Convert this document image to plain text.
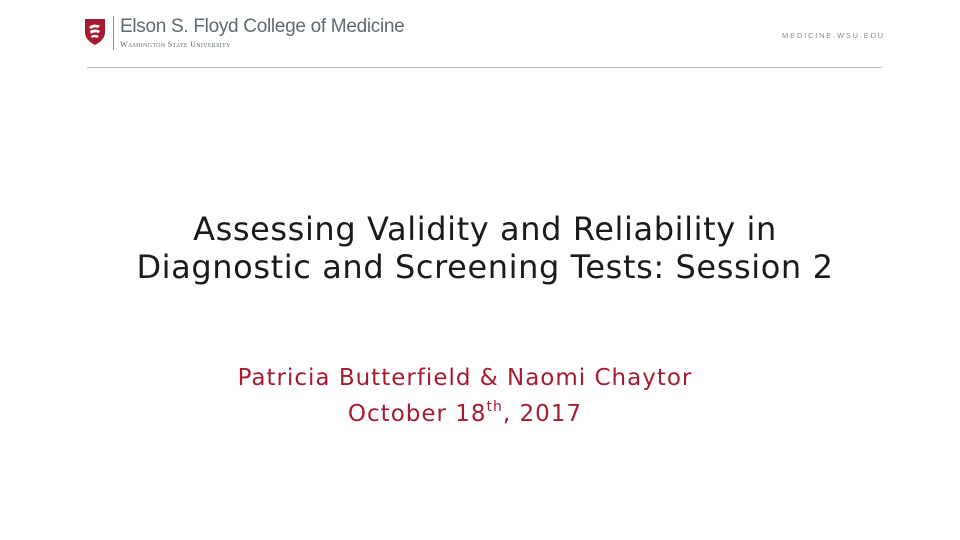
Elson S. Floyd College of Medicine
Washington State University
MEDICINE.WSU.EDU
Assessing Validity and Reliability in
Diagnostic and Screening Tests: Session 2
Patricia Butterfield & Naomi Chaytor
October 18th, 2017
